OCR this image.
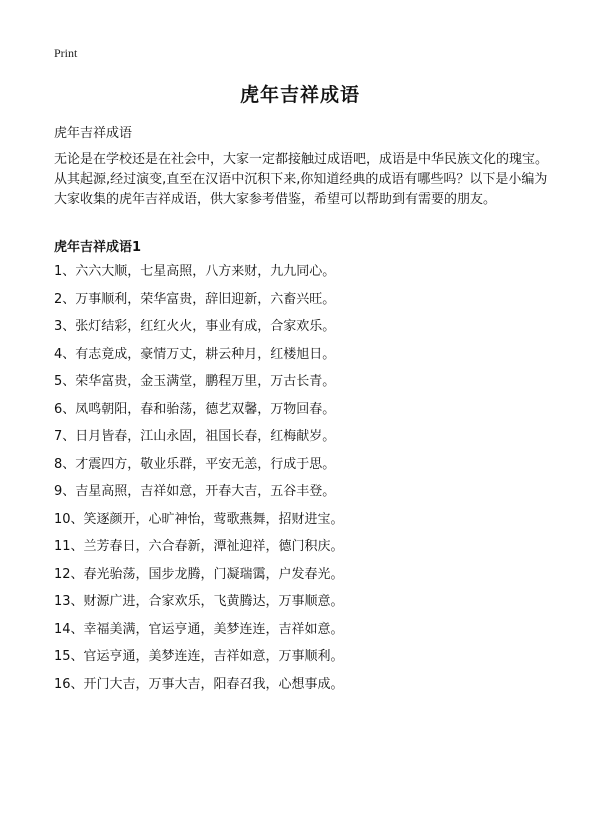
Print
虎年吉祥成语
虎年吉祥成语
无论是在学校还是在社会中，大家一定都接触过成语吧，成语是中华民族文化的瑰宝。从其起源,经过演变,直至在汉语中沉积下来,你知道经典的成语有哪些吗？以下是小编为大家收集的虎年吉祥成语，供大家参考借鉴，希望可以帮助到有需要的朋友。
虎年吉祥成语1
1、六六大顺，七星高照，八方来财，九九同心。
2、万事顺利，荣华富贵，辞旧迎新，六畜兴旺。
3、张灯结彩，红红火火，事业有成，合家欢乐。
4、有志竟成，豪情万丈，耕云种月，红楼旭日。
5、荣华富贵，金玉满堂，鹏程万里，万古长青。
6、凤鸣朝阳，春和骀荡，德艺双馨，万物回春。
7、日月皆春，江山永固，祖国长春，红梅献岁。
8、才震四方，敬业乐群，平安无恙，行成于思。
9、吉星高照，吉祥如意，开春大吉，五谷丰登。
10、笑逐颜开，心旷神怡，莺歌燕舞，招财进宝。
11、兰芳春日，六合春新，潭祉迎祥，德门积庆。
12、春光骀荡，国步龙腾，门凝瑞霭，户发春光。
13、财源广进，合家欢乐，飞黄腾达，万事顺意。
14、幸福美满，官运亨通，美梦连连，吉祥如意。
15、官运亨通，美梦连连，吉祥如意，万事顺利。
16、开门大吉，万事大吉，阳春召我，心想事成。
